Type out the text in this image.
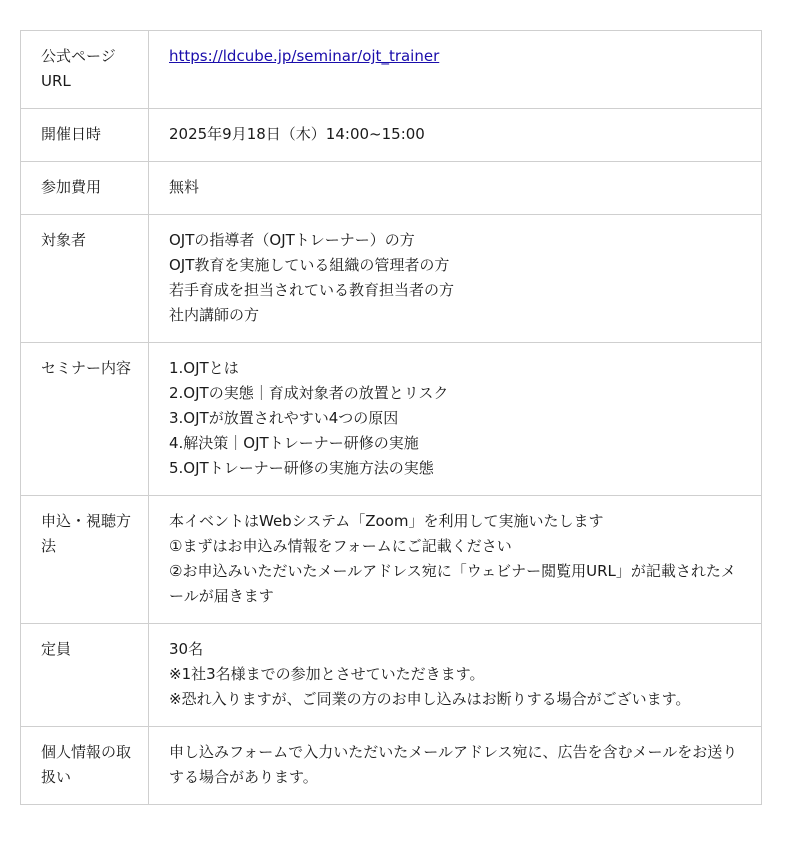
公式ページURL	https://ldcube.jp/seminar/ojt_trainer
開催日時	2025年9月18日（木）14:00~15:00

参加費用	無料

対象者	OJTの指導者（OJTトレーナー）の方
OJT教育を実施している組織の管理者の方
若手育成を担当されている教育担当者の方
社内講師の方

セミナー内容	1.OJTとは
2.OJTの実態｜育成対象者の放置とリスク
3.OJTが放置されやすい4つの原因
4.解決策｜OJTトレーナー研修の実施
5.OJTトレーナー研修の実施方法の実態

申込・視聴方法	本イベントはWebシステム「Zoom」を利用して実施いたします
①まずはお申込み情報をフォームにご記載ください
②お申込みいただいたメールアドレス宛に「ウェビナー閲覧用URL」が記載されたメールが届きます

定員	30名
※1社3名様までの参加とさせていただきます。
※恐れ入りますが、ご同業の方のお申し込みはお断りする場合がございます。

個人情報の取扱い	申し込みフォームで入力いただいたメールアドレス宛に、広告を含むメールをお送りする場合があります。
